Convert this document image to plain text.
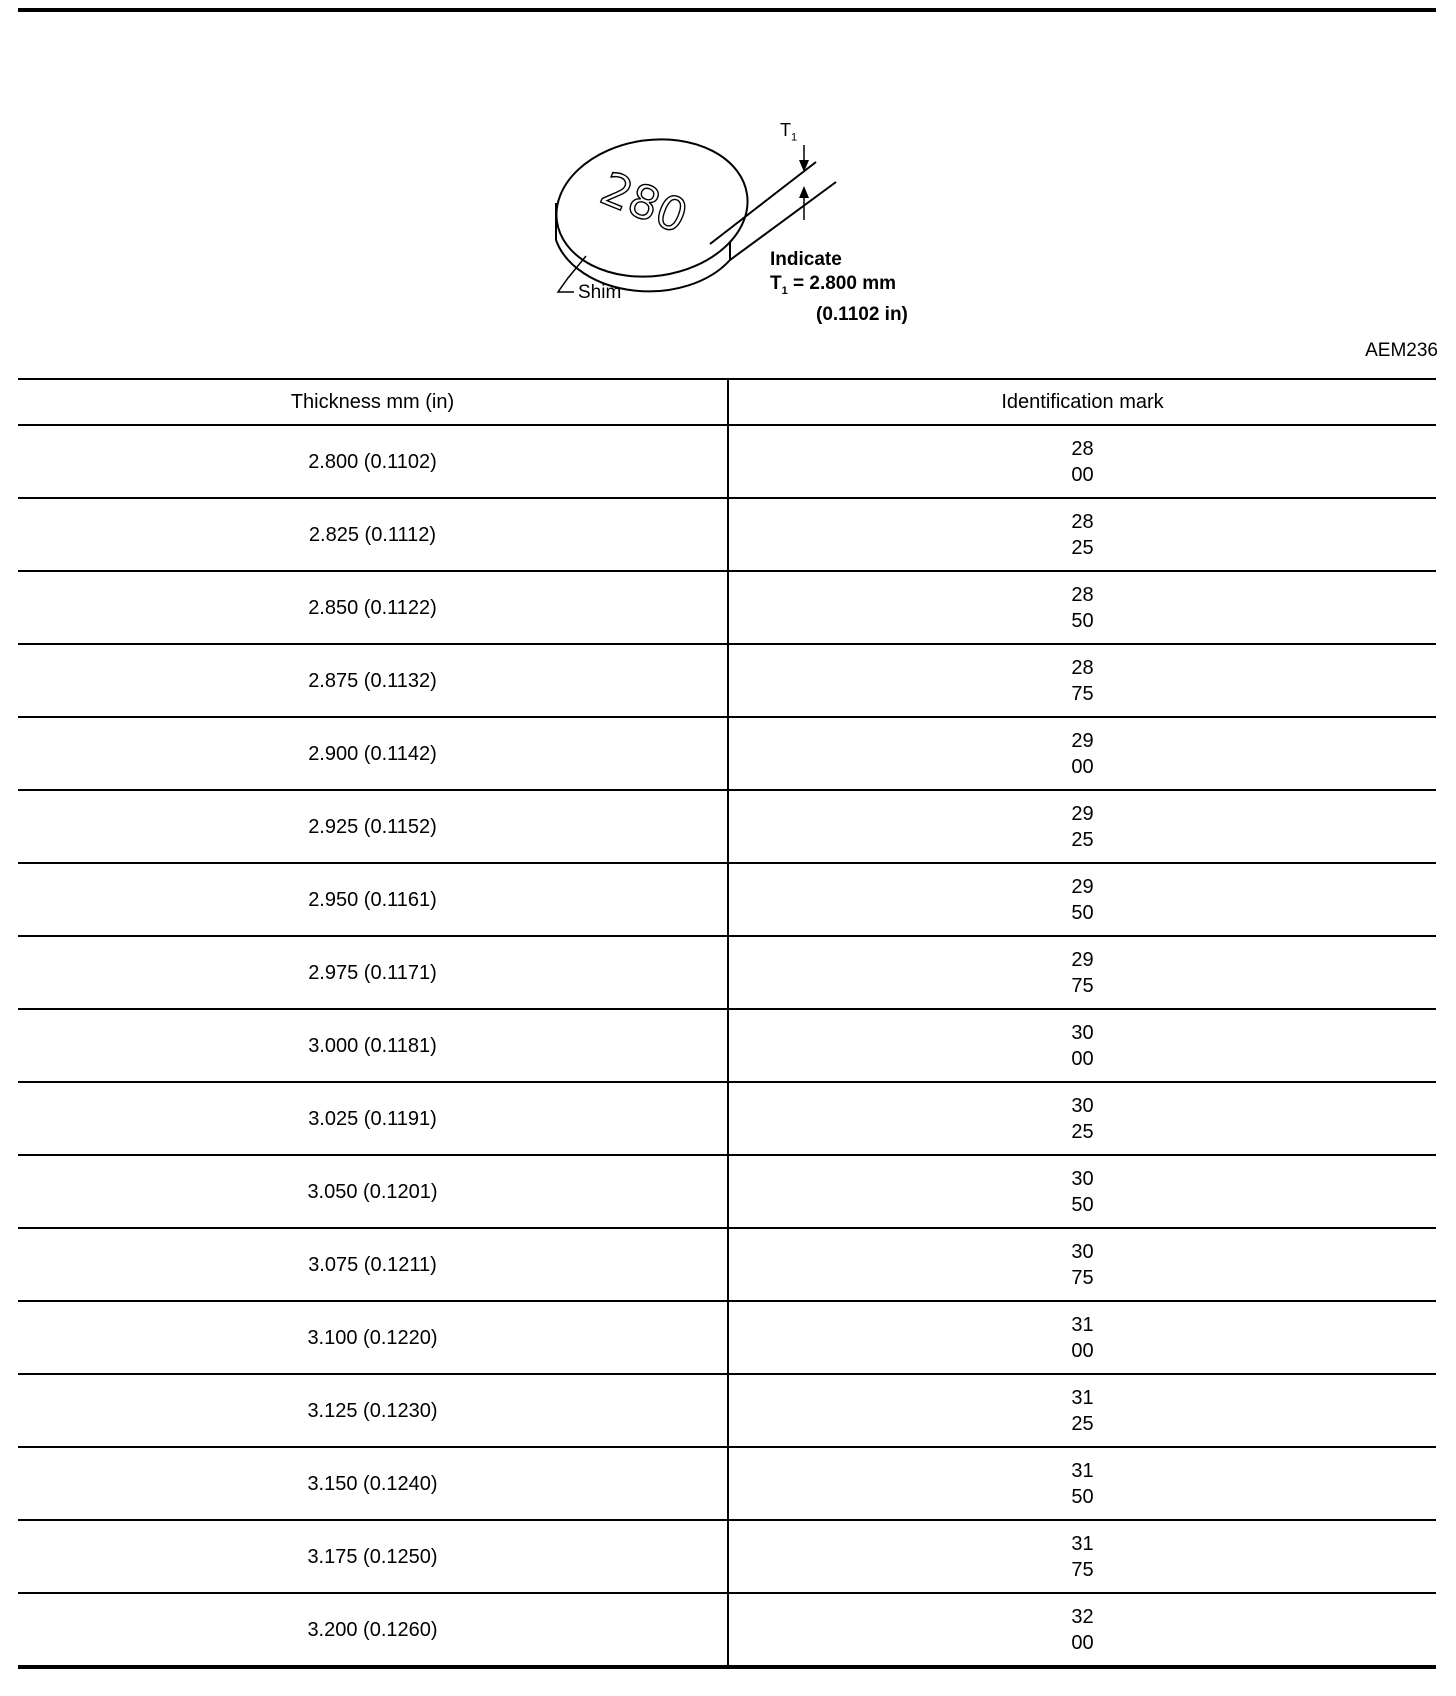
280
$T_1$
Shim
Indicate
$T_1 = 2.800$ mm
(0.1102 in)
AEM236
Thickness mm (in)	Identification mark
2.800 (0.1102)	28
00

2.825 (0.1112)	28
25

2.850 (0.1122)	28
50

2.875 (0.1132)	28
75

2.900 (0.1142)	29
00

2.925 (0.1152)	29
25

2.950 (0.1161)	29
50

2.975 (0.1171)	29
75

3.000 (0.1181)	30
00

3.025 (0.1191)	30
25

3.050 (0.1201)	30
50

3.075 (0.1211)	30
75

3.100 (0.1220)	31
00

3.125 (0.1230)	31
25

3.150 (0.1240)	31
50

3.175 (0.1250)	31
75

3.200 (0.1260)	32
00
